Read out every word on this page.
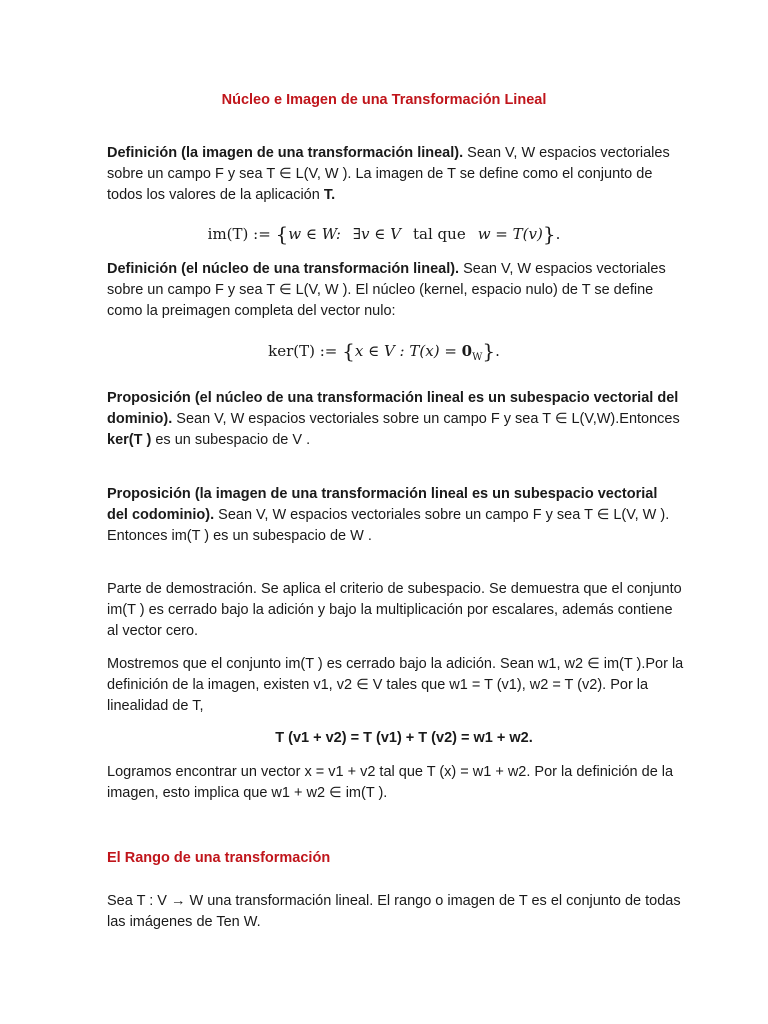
Núcleo e Imagen de una Transformación Lineal
Definición (la imagen de una transformación lineal). Sean V, W espacios vectoriales
sobre un campo F y sea T ∈ L(V, W ). La imagen de T se define como el conjunto de
todos los valores de la aplicación T.
im(T) := {w ∈ W: ∃v ∈ V tal que w = T(v)}.
Definición (el núcleo de una transformación lineal). Sean V, W espacios vectoriales
sobre un campo F y sea T ∈ L(V, W ). El núcleo (kernel, espacio nulo) de T se define
como la preimagen completa del vector nulo:
ker(T) := {x ∈ V : $T(x) = 0_W$}.
Proposición (el núcleo de una transformación lineal es un subespacio vectorial del
dominio). Sean V, W espacios vectoriales sobre un campo F y sea T ∈ L(V,W).Entonces
ker(T ) es un subespacio de V .
Proposición (la imagen de una transformación lineal es un subespacio vectorial
del codominio). Sean V, W espacios vectoriales sobre un campo F y sea T ∈ L(V, W ).
Entonces im(T ) es un subespacio de W .
Parte de demostración. Se aplica el criterio de subespacio. Se demuestra que el conjunto
im(T ) es cerrado bajo la adición y bajo la multiplicación por escalares, además contiene
al vector cero.
Mostremos que el conjunto im(T ) es cerrado bajo la adición. Sean w1, w2 ∈ im(T ).Por la
definición de la imagen, existen v1, v2 ∈ V tales que w1 = T (v1), w2 = T (v2). Por la
linealidad de T,
T (v1 + v2) = T (v1) + T (v2) = w1 + w2.
Logramos encontrar un vector x = v1 + v2 tal que T (x) = w1 + w2. Por la definición de la
imagen, esto implica que w1 + w2 ∈ im(T ).
El Rango de una transformación
Sea T : V → W una transformación lineal. El rango o imagen de T es el conjunto de todas
las imágenes de Ten W.
